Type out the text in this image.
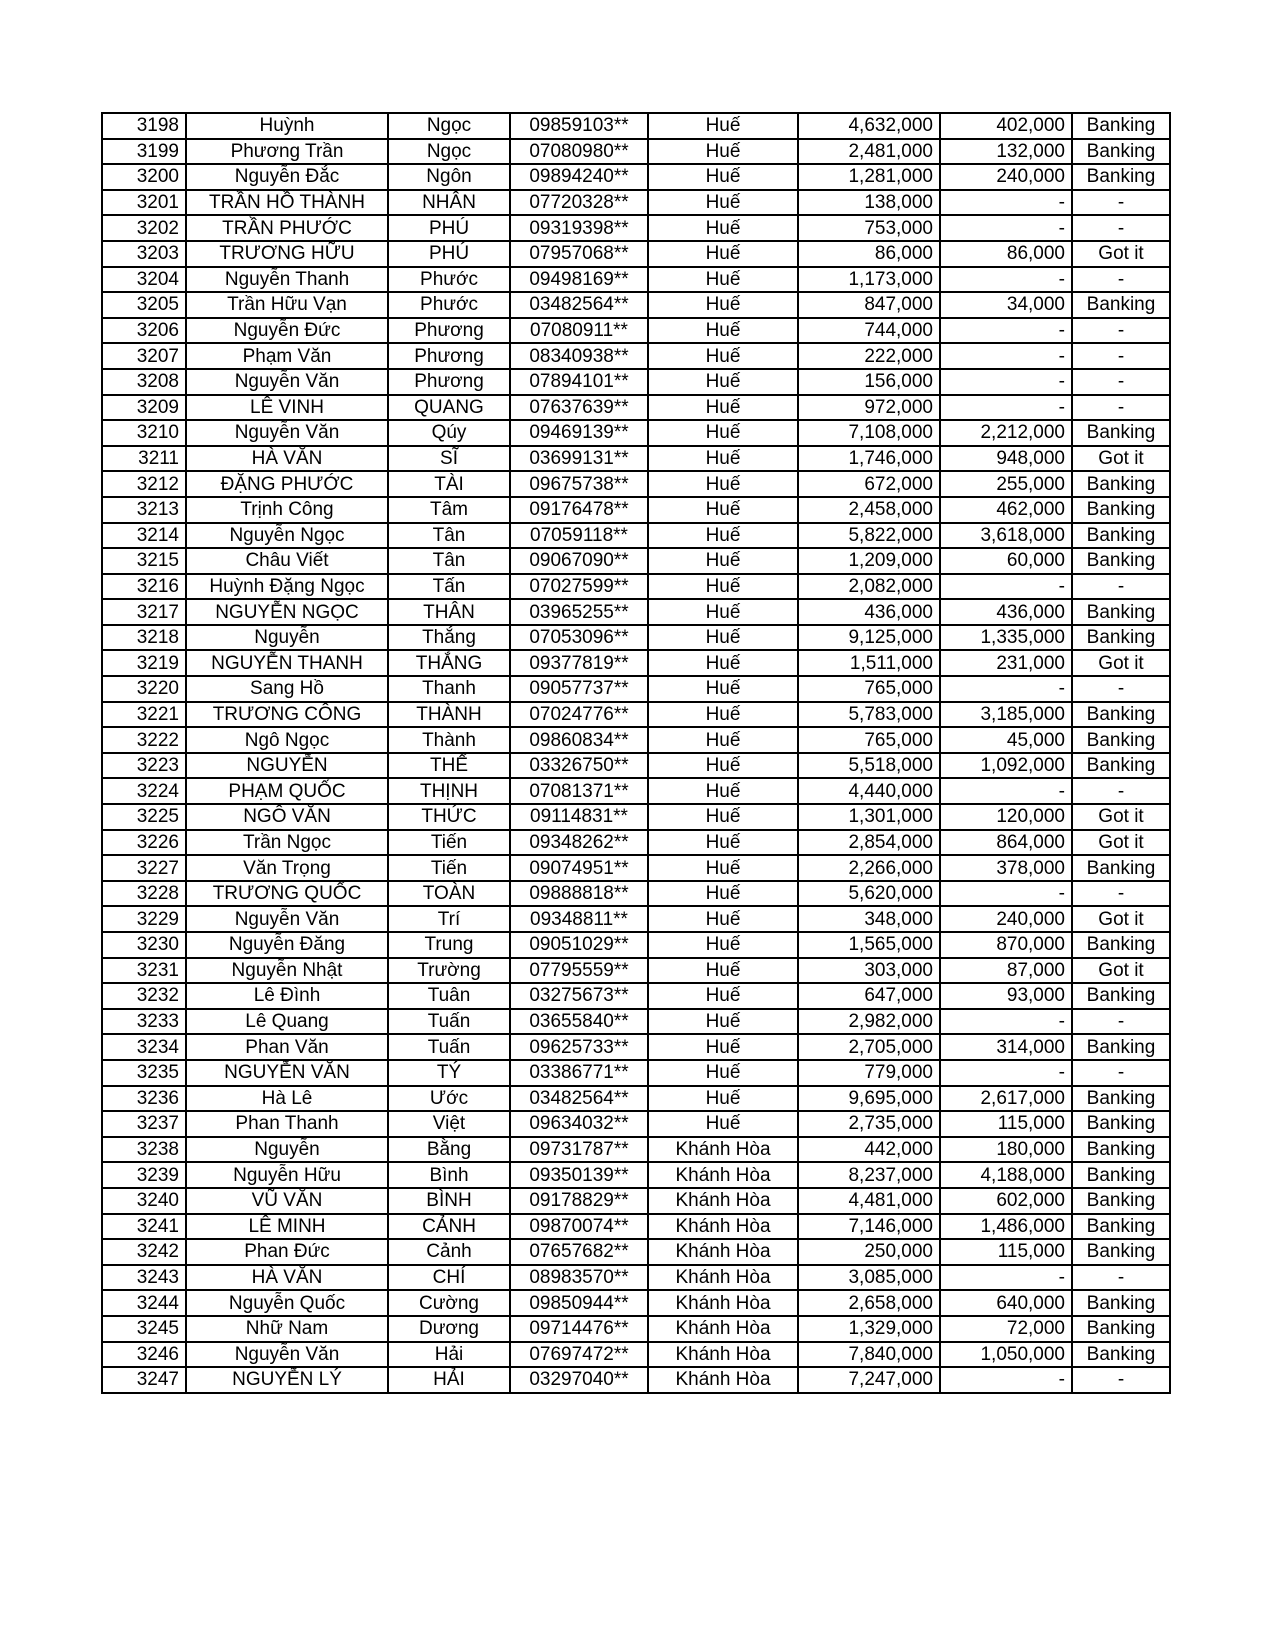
3198	Huỳnh	Ngọc	09859103**	Huế	4,632,000	402,000	Banking
3199	Phương Trần	Ngọc	07080980**	Huế	2,481,000	132,000	Banking
3200	Nguyễn Đắc	Ngôn	09894240**	Huế	1,281,000	240,000	Banking
3201	TRẦN HỒ THÀNH	NHÂN	07720328**	Huế	138,000	-	-
3202	TRẦN PHƯỚC	PHÚ	09319398**	Huế	753,000	-	-
3203	TRƯƠNG HỮU	PHÚ	07957068**	Huế	86,000	86,000	Got it
3204	Nguyễn Thanh	Phước	09498169**	Huế	1,173,000	-	-
3205	Trần Hữu Vạn	Phước	03482564**	Huế	847,000	34,000	Banking
3206	Nguyễn Đức	Phương	07080911**	Huế	744,000	-	-
3207	Phạm Văn	Phương	08340938**	Huế	222,000	-	-
3208	Nguyễn Văn	Phương	07894101**	Huế	156,000	-	-
3209	LÊ VINH	QUANG	07637639**	Huế	972,000	-	-
3210	Nguyễn Văn	Qúy	09469139**	Huế	7,108,000	2,212,000	Banking
3211	HÀ VĂN	SĨ	03699131**	Huế	1,746,000	948,000	Got it
3212	ĐẶNG PHƯỚC	TÀI	09675738**	Huế	672,000	255,000	Banking
3213	Trịnh Công	Tâm	09176478**	Huế	2,458,000	462,000	Banking
3214	Nguyễn Ngọc	Tân	07059118**	Huế	5,822,000	3,618,000	Banking
3215	Châu Viết	Tân	09067090**	Huế	1,209,000	60,000	Banking
3216	Huỳnh Đặng Ngọc	Tấn	07027599**	Huế	2,082,000	-	-
3217	NGUYỄN NGỌC	THÂN	03965255**	Huế	436,000	436,000	Banking
3218	Nguyễn	Thắng	07053096**	Huế	9,125,000	1,335,000	Banking
3219	NGUYỄN THANH	THẮNG	09377819**	Huế	1,511,000	231,000	Got it
3220	Sang Hồ	Thanh	09057737**	Huế	765,000	-	-
3221	TRƯƠNG CÔNG	THÀNH	07024776**	Huế	5,783,000	3,185,000	Banking
3222	Ngô Ngọc	Thành	09860834**	Huế	765,000	45,000	Banking
3223	NGUYỄN	THẾ	03326750**	Huế	5,518,000	1,092,000	Banking
3224	PHẠM QUỐC	THỊNH	07081371**	Huế	4,440,000	-	-
3225	NGÔ VĂN	THỨC	09114831**	Huế	1,301,000	120,000	Got it
3226	Trần Ngọc	Tiến	09348262**	Huế	2,854,000	864,000	Got it
3227	Văn Trọng	Tiến	09074951**	Huế	2,266,000	378,000	Banking
3228	TRƯƠNG QUỐC	TOÀN	09888818**	Huế	5,620,000	-	-
3229	Nguyễn Văn	Trí	09348811**	Huế	348,000	240,000	Got it
3230	Nguyễn Đăng	Trung	09051029**	Huế	1,565,000	870,000	Banking
3231	Nguyễn Nhật	Trường	07795559**	Huế	303,000	87,000	Got it
3232	Lê Đình	Tuân	03275673**	Huế	647,000	93,000	Banking
3233	Lê Quang	Tuấn	03655840**	Huế	2,982,000	-	-
3234	Phan Văn	Tuấn	09625733**	Huế	2,705,000	314,000	Banking
3235	NGUYỄN VĂN	TÝ	03386771**	Huế	779,000	-	-
3236	Hà Lê	Ước	03482564**	Huế	9,695,000	2,617,000	Banking
3237	Phan Thanh	Việt	09634032**	Huế	2,735,000	115,000	Banking
3238	Nguyễn	Bằng	09731787**	Khánh Hòa	442,000	180,000	Banking
3239	Nguyễn Hữu	Bình	09350139**	Khánh Hòa	8,237,000	4,188,000	Banking
3240	VŨ VĂN	BÌNH	09178829**	Khánh Hòa	4,481,000	602,000	Banking
3241	LÊ MINH	CẢNH	09870074**	Khánh Hòa	7,146,000	1,486,000	Banking
3242	Phan Đức	Cảnh	07657682**	Khánh Hòa	250,000	115,000	Banking
3243	HÀ VĂN	CHÍ	08983570**	Khánh Hòa	3,085,000	-	-
3244	Nguyễn Quốc	Cường	09850944**	Khánh Hòa	2,658,000	640,000	Banking
3245	Nhữ Nam	Dương	09714476**	Khánh Hòa	1,329,000	72,000	Banking
3246	Nguyễn Văn	Hải	07697472**	Khánh Hòa	7,840,000	1,050,000	Banking
3247	NGUYỄN LÝ	HẢI	03297040**	Khánh Hòa	7,247,000	-	-
